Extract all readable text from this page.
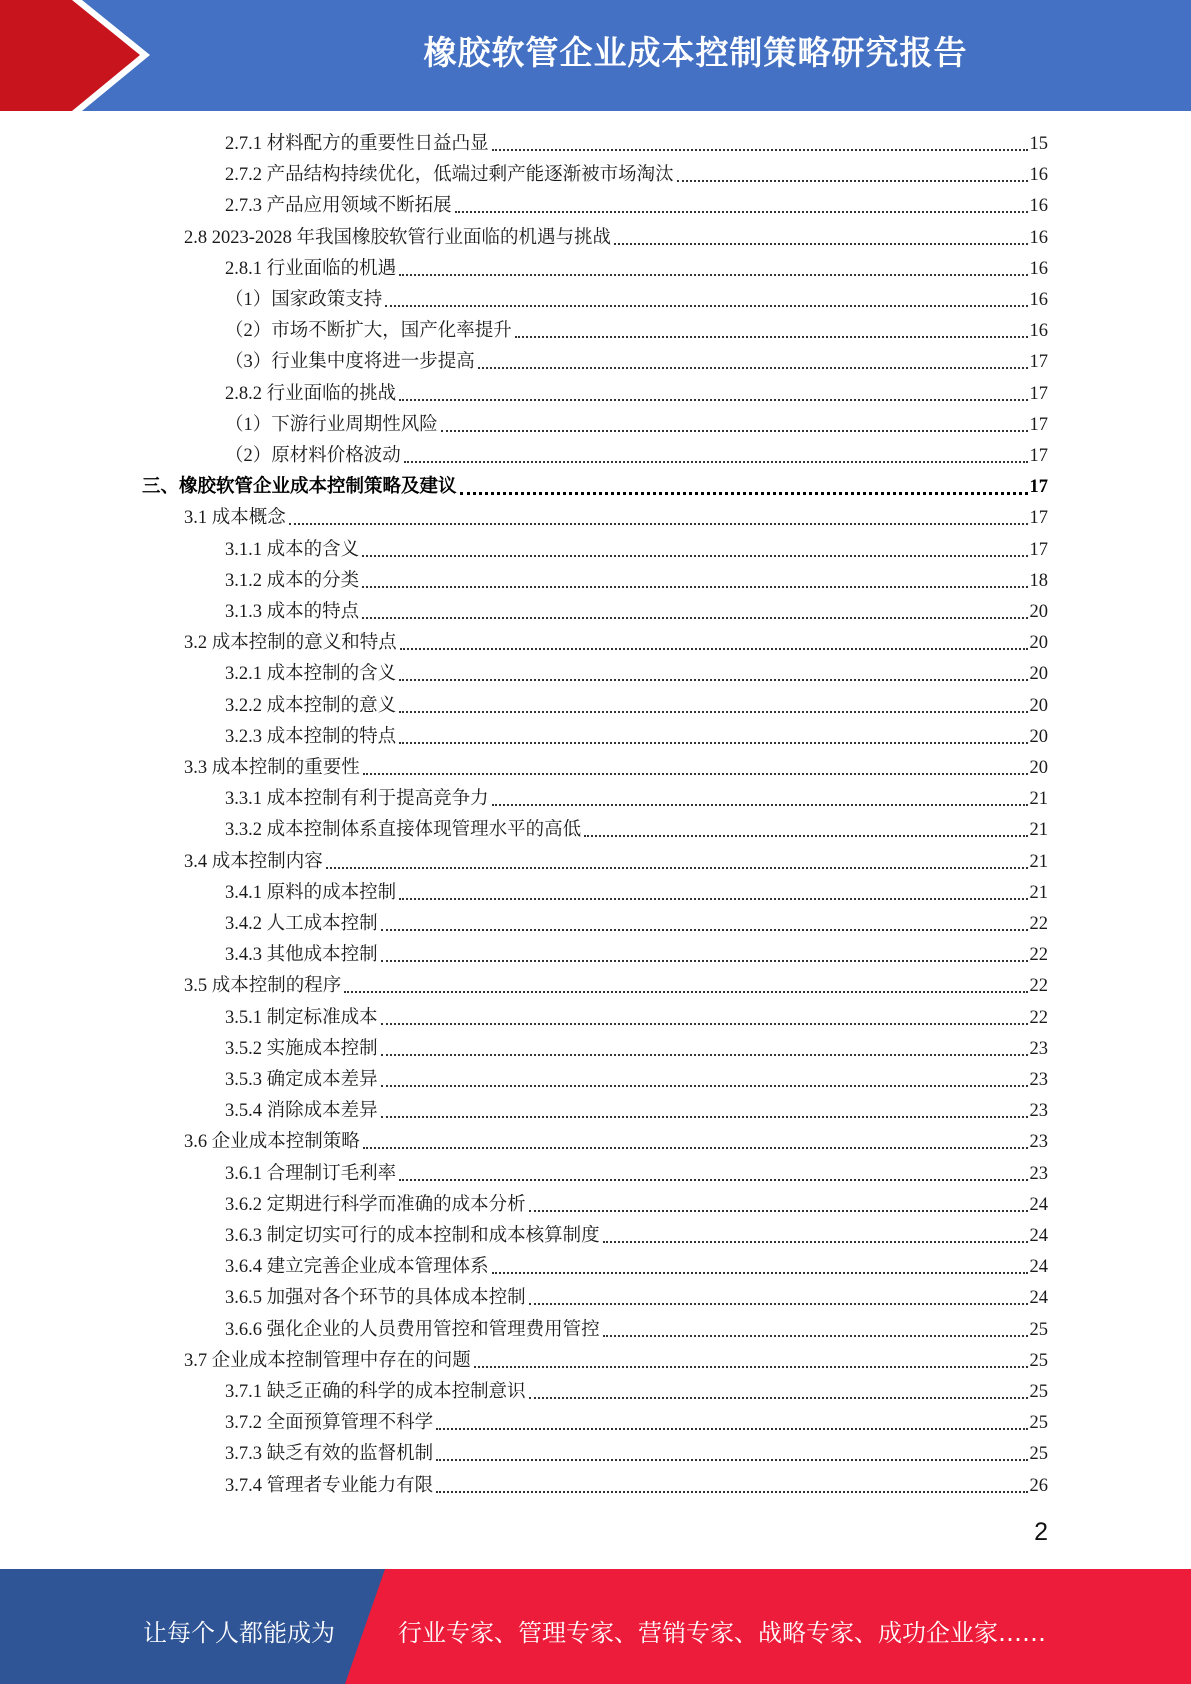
橡胶软管企业成本控制策略研究报告
2.7.1 材料配方的重要性日益凸显	15
2.7.2 产品结构持续优化，低端过剩产能逐渐被市场淘汰	16
2.7.3 产品应用领域不断拓展	16
2.8 2023-2028 年我国橡胶软管行业面临的机遇与挑战	16
2.8.1 行业面临的机遇	16
（1）国家政策支持	16
（2）市场不断扩大，国产化率提升	16
（3）行业集中度将进一步提高	17
2.8.2 行业面临的挑战	17
（1）下游行业周期性风险	17
（2）原材料价格波动	17
三、橡胶软管企业成本控制策略及建议	17
3.1 成本概念	17
3.1.1 成本的含义	17
3.1.2 成本的分类	18
3.1.3 成本的特点	20
3.2 成本控制的意义和特点	20
3.2.1 成本控制的含义	20
3.2.2 成本控制的意义	20
3.2.3 成本控制的特点	20
3.3 成本控制的重要性	20
3.3.1 成本控制有利于提高竞争力	21
3.3.2 成本控制体系直接体现管理水平的高低	21
3.4 成本控制内容	21
3.4.1 原料的成本控制	21
3.4.2 人工成本控制	22
3.4.3 其他成本控制	22
3.5 成本控制的程序	22
3.5.1 制定标准成本	22
3.5.2 实施成本控制	23
3.5.3 确定成本差异	23
3.5.4 消除成本差异	23
3.6 企业成本控制策略	23
3.6.1 合理制订毛利率	23
3.6.2 定期进行科学而准确的成本分析	24
3.6.3 制定切实可行的成本控制和成本核算制度	24
3.6.4 建立完善企业成本管理体系	24
3.6.5 加强对各个环节的具体成本控制	24
3.6.6 强化企业的人员费用管控和管理费用管控	25
3.7 企业成本控制管理中存在的问题	25
3.7.1 缺乏正确的科学的成本控制意识	25
3.7.2 全面预算管理不科学	25
3.7.3 缺乏有效的监督机制	25
3.7.4 管理者专业能力有限	26
2
让每个人都能成为	行业专家、管理专家、营销专家、战略专家、成功企业家……
